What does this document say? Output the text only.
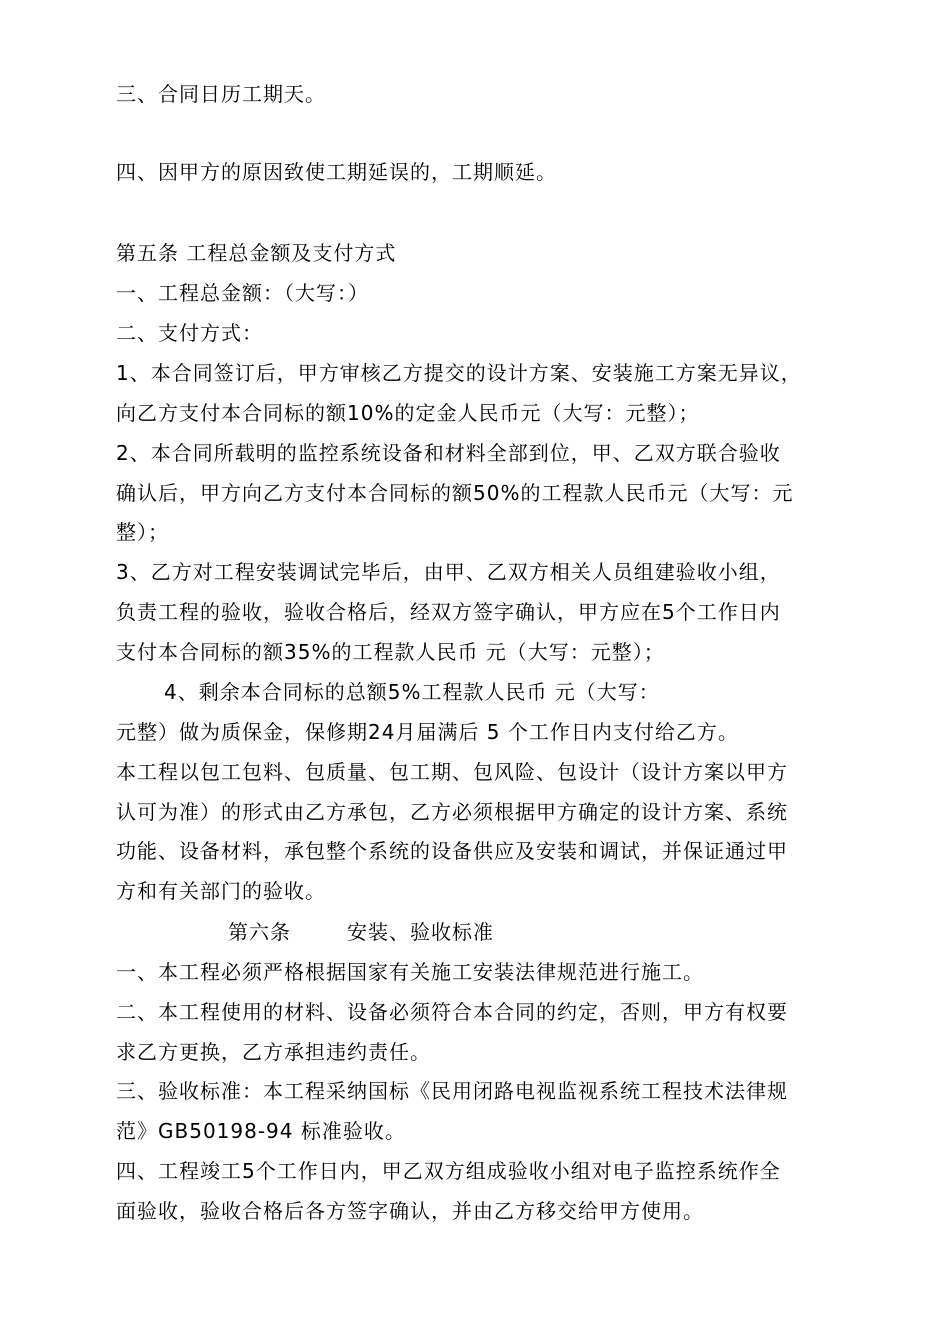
三、合同日历工期天。
四、因甲方的原因致使工期延误的，工期顺延。
第五条 工程总金额及支付方式
一、工程总金额：（大写：）
二、支付方式：
1、本合同签订后，甲方审核乙方提交的设计方案、安装施工方案无异议，
向乙方支付本合同标的额10%的定金人民币元（大写：元整）；
2、本合同所载明的监控系统设备和材料全部到位，甲、乙双方联合验收
确认后，甲方向乙方支付本合同标的额50%的工程款人民币元（大写：元
整）；
3、乙方对工程安装调试完毕后，由甲、乙双方相关人员组建验收小组，
负责工程的验收，验收合格后，经双方签字确认，甲方应在5个工作日内
支付本合同标的额35%的工程款人民币 元（大写：元整）；
4、剩余本合同标的总额5%工程款人民币 元（大写：
元整）做为质保金，保修期24月届满后 5 个工作日内支付给乙方。
本工程以包工包料、包质量、包工期、包风险、包设计（设计方案以甲方
认可为准）的形式由乙方承包，乙方必须根据甲方确定的设计方案、系统
功能、设备材料，承包整个系统的设备供应及安装和调试，并保证通过甲
方和有关部门的验收。
第六条	安装、验收标准
一、本工程必须严格根据国家有关施工安装法律规范进行施工。
二、本工程使用的材料、设备必须符合本合同的约定，否则，甲方有权要
求乙方更换，乙方承担违约责任。
三、验收标准：本工程采纳国标《民用闭路电视监视系统工程技术法律规
范》GB50198-94 标准验收。
四、工程竣工5个工作日内，甲乙双方组成验收小组对电子监控系统作全
面验收，验收合格后各方签字确认，并由乙方移交给甲方使用。
